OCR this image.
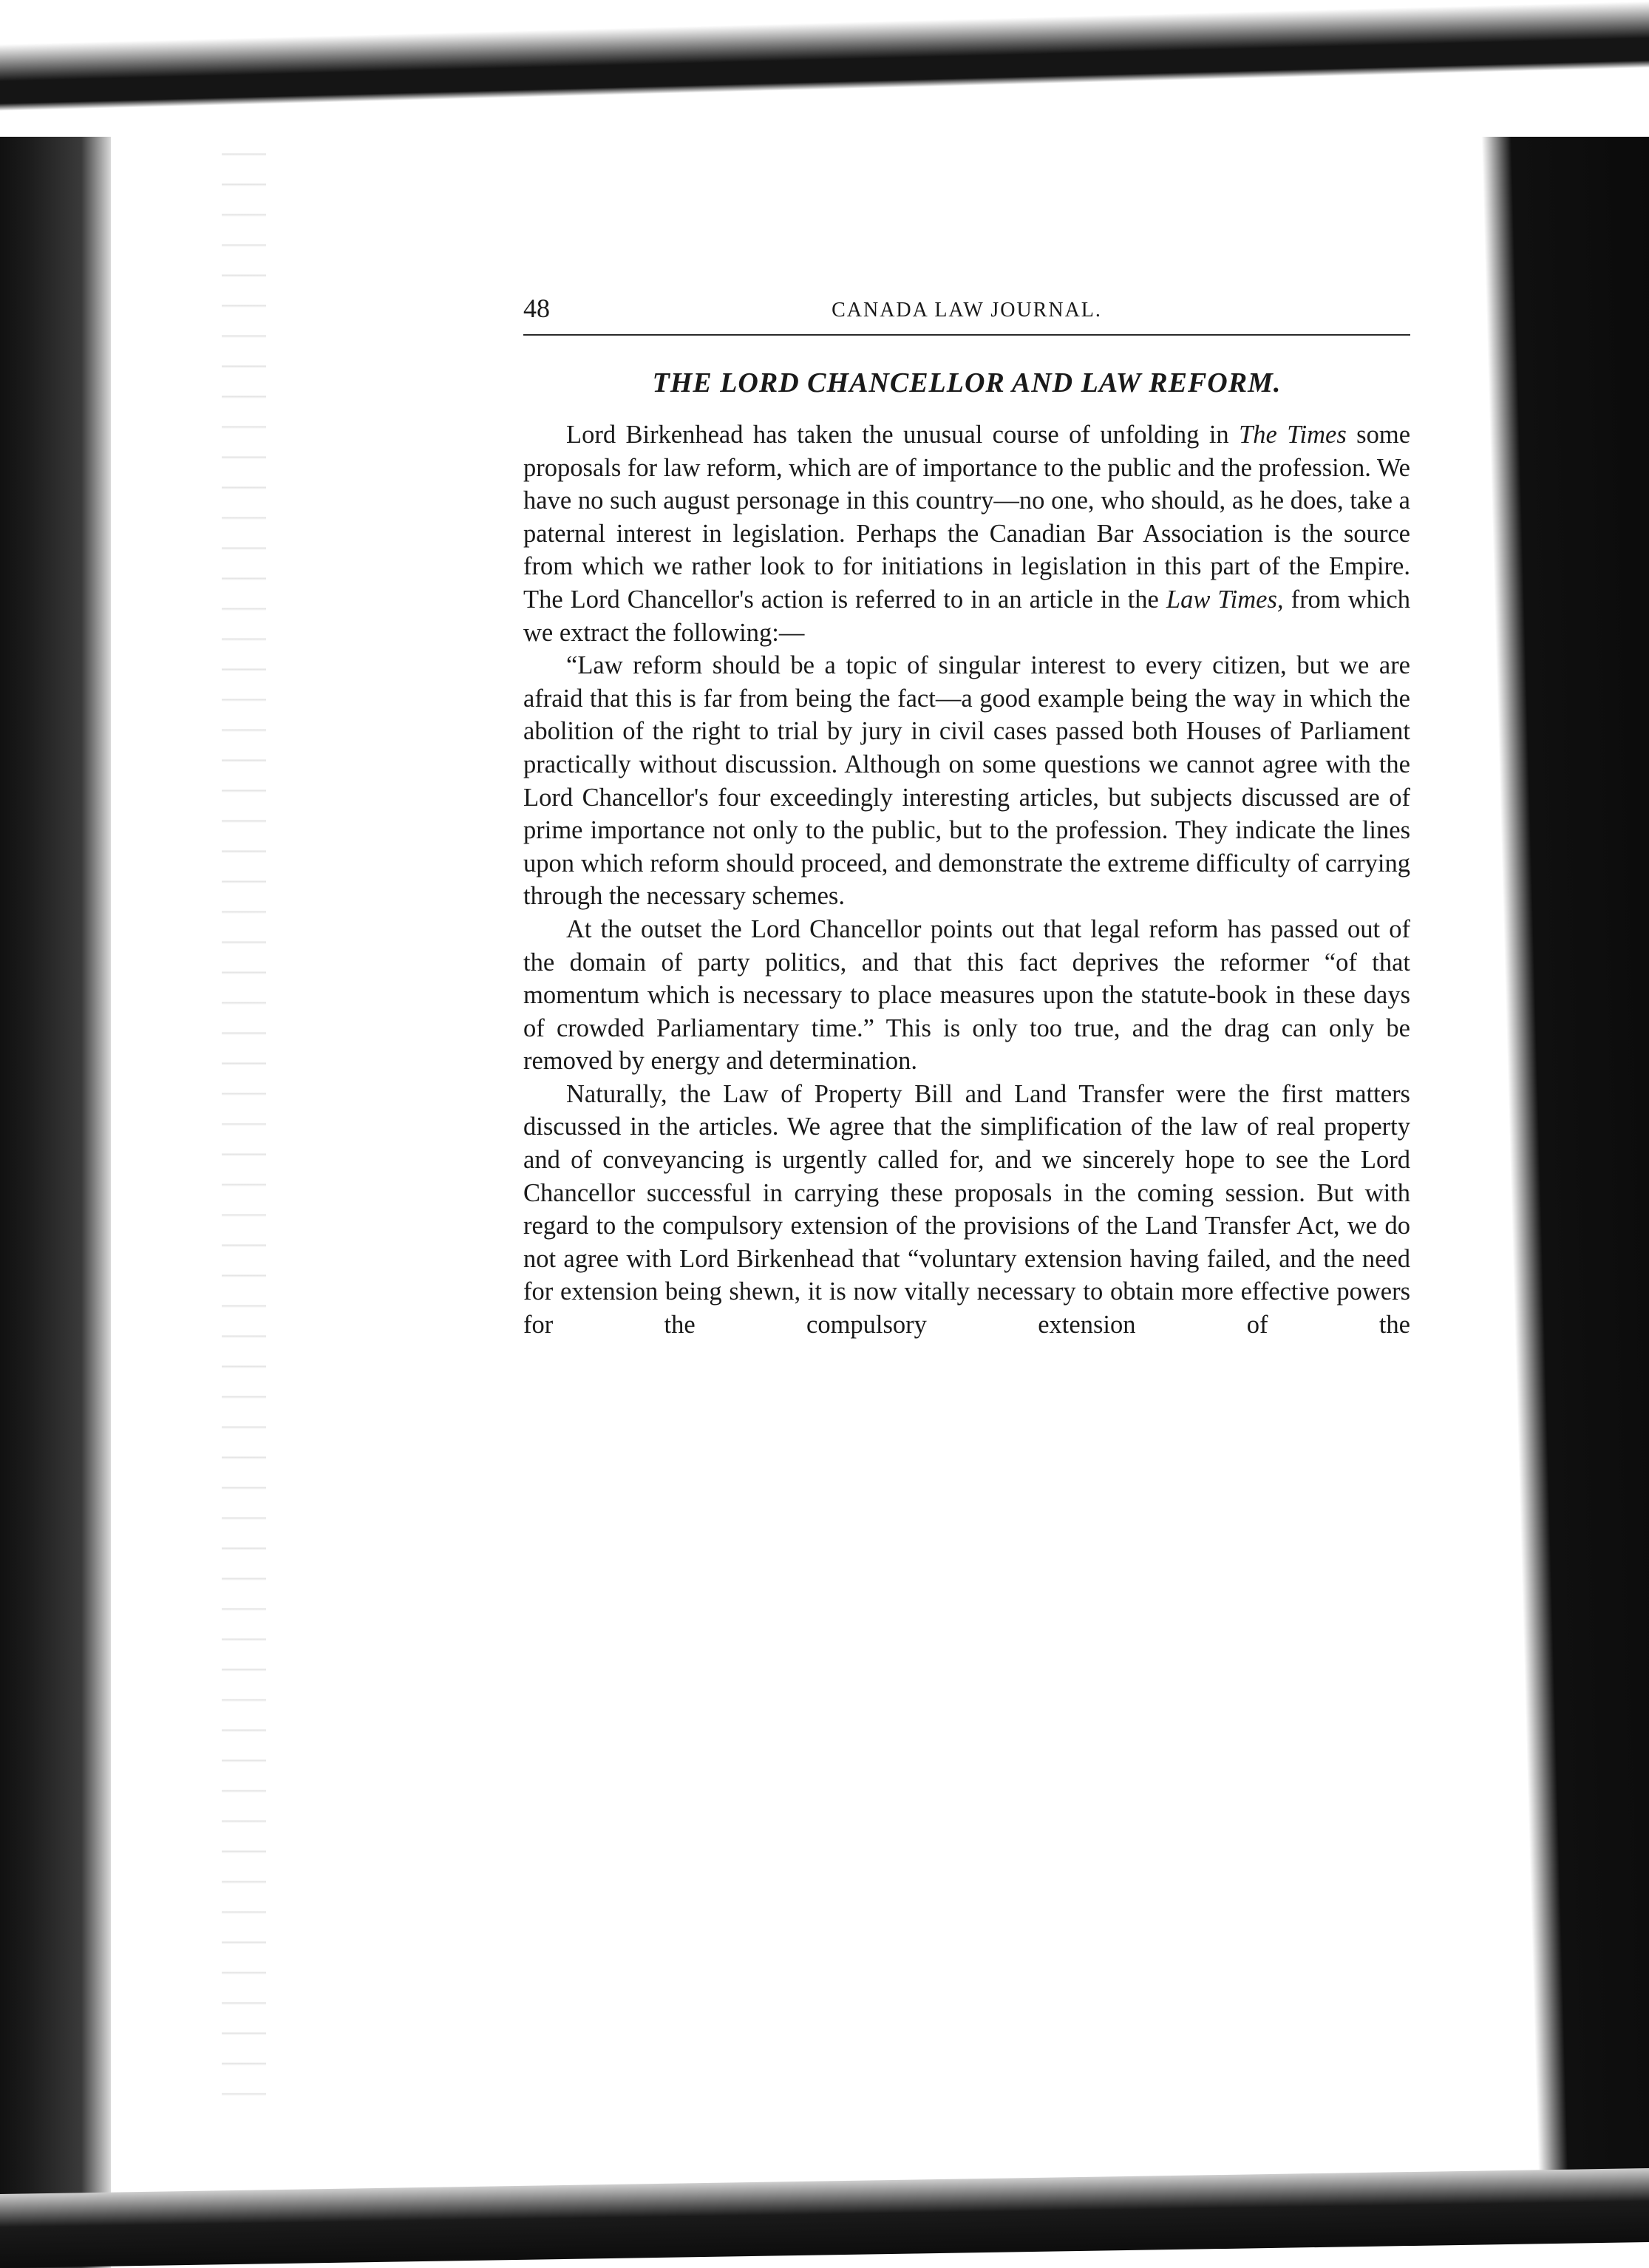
48	CANADA LAW JOURNAL.
THE LORD CHANCELLOR AND LAW REFORM.

Lord Birkenhead has taken the unusual course of unfolding in The Times some proposals for law reform, which are of importance to the public and the profession. We have no such august personage in this country—no one, who should, as he does, take a paternal interest in legislation. Perhaps the Canadian Bar Association is the source from which we rather look to for initiations in legislation in this part of the Empire. The Lord Chancellor's action is referred to in an article in the Law Times, from which we extract the following:—

“Law reform should be a topic of singular interest to every citizen, but we are afraid that this is far from being the fact—a good example being the way in which the abolition of the right to trial by jury in civil cases passed both Houses of Parliament practically without discussion. Although on some questions we cannot agree with the Lord Chancellor's four exceedingly interesting articles, but subjects discussed are of prime importance not only to the public, but to the profession. They indicate the lines upon which reform should proceed, and demonstrate the extreme difficulty of carrying through the necessary schemes.

At the outset the Lord Chancellor points out that legal reform has passed out of the domain of party politics, and that this fact deprives the reformer “of that momentum which is necessary to place measures upon the statute-book in these days of crowded Parliamentary time.” This is only too true, and the drag can only be removed by energy and determination.

Naturally, the Law of Property Bill and Land Transfer were the first matters discussed in the articles. We agree that the simplification of the law of real property and of conveyancing is urgently called for, and we sincerely hope to see the Lord Chancellor successful in carrying these proposals in the coming session. But with regard to the compulsory extension of the provisions of the Land Transfer Act, we do not agree with Lord Birkenhead that “voluntary extension having failed, and the need for extension being shewn, it is now vitally necessary to obtain more effective powers for the compulsory extension of the
